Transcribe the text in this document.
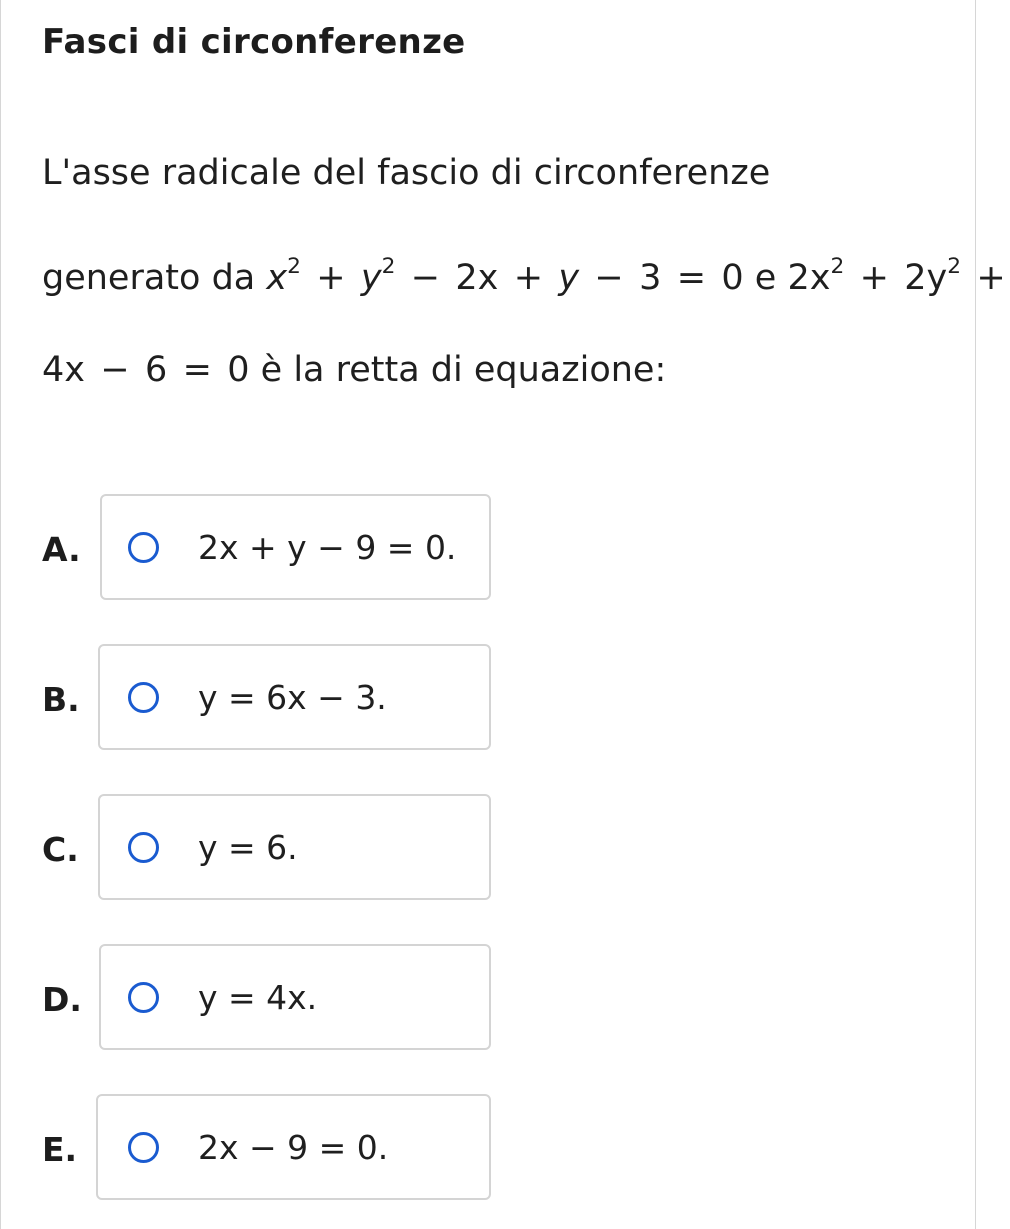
Fasci di circonferenze
L'asse radicale del fascio di circonferenze
generato da $x^2 + y^2 - 2x + y - 3 = 0$ e $2x^2 + 2y^2$ +
4x − 6 = 0 è la retta di equazione:
A.	2x + y − 9 = 0.
B.	y = 6x − 3.
C.	y = 6.
D.	y = 4x.
E.	2x − 9 = 0.
